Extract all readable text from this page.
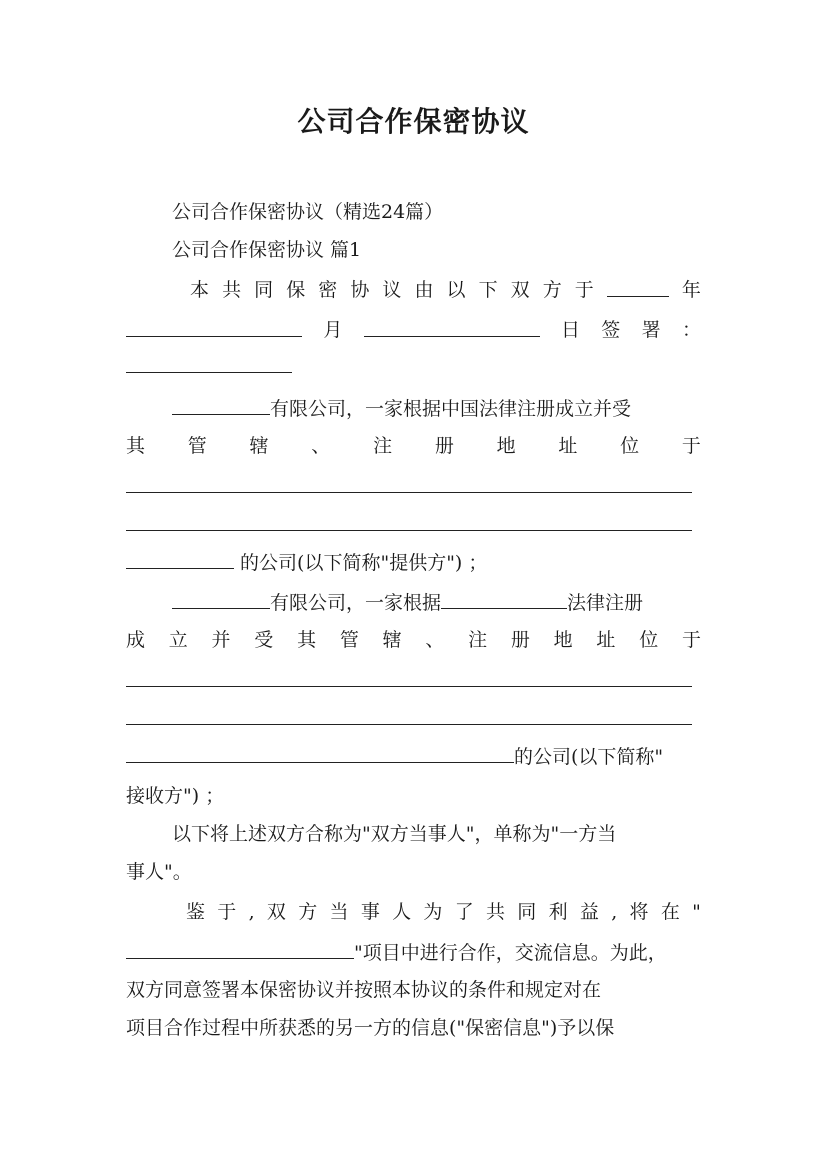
公司合作保密协议
公司合作保密协议（精选24篇）
公司合作保密协议 篇1
本 共 同 保 密 协 议 由 以 下 双 方 于	年
月	日 签 署 ：
有限公司，一家根据中国法律注册成立并受
其 管 辖 、 注 册 地 址 位 于
的公司(以下简称"提供方") ；
有限公司，一家根据	法律注册
成 立 并 受 其 管 辖 、 注 册 地 址 位 于
的公司(以下简称"
接收方") ；
以下将上述双方合称为"双方当事人"，单称为"一方当
事人"。
鉴 于 , 双 方 当 事 人 为 了 共 同 利 益 , 将 在 "
"项目中进行合作，交流信息。为此，
双方同意签署本保密协议并按照本协议的条件和规定对在
项目合作过程中所获悉的另一方的信息("保密信息")予以保
